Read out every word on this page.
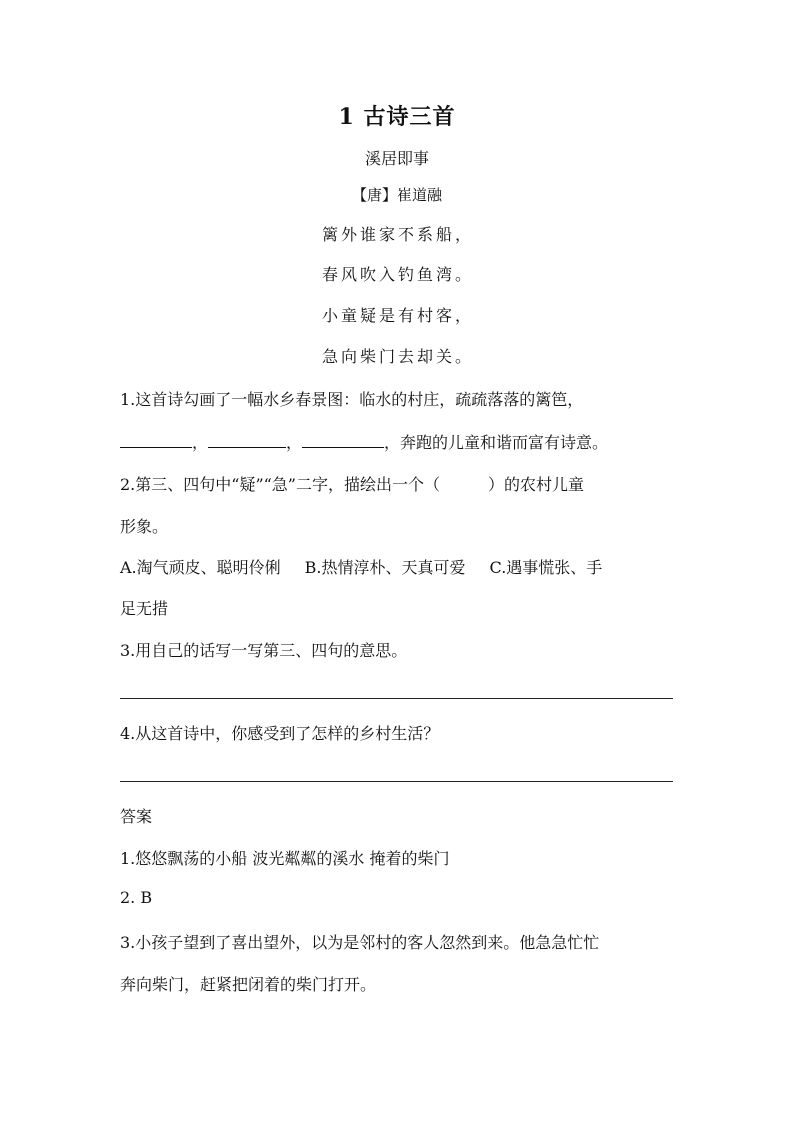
1 古诗三首
溪居即事
【唐】崔道融
篱外谁家不系船，
春风吹入钓鱼湾。
小童疑是有村客，
急向柴门去却关。
1.这首诗勾画了一幅水乡春景图：临水的村庄，疏疏落落的篱笆，
，	，	，奔跑的儿童和谐而富有诗意。
2.第三、四句中“疑”“急”二字，描绘出一个（	）的农村儿童
形象。
A.淘气顽皮、聪明伶俐 B.热情淳朴、天真可爱 C.遇事慌张、手
足无措
3.用自己的话写一写第三、四句的意思。
4.从这首诗中，你感受到了怎样的乡村生活？
答案
1.悠悠飘荡的小船 波光粼粼的溪水 掩着的柴门
2. B
3.小孩子望到了喜出望外，以为是邻村的客人忽然到来。他急急忙忙
奔向柴门，赶紧把闭着的柴门打开。
